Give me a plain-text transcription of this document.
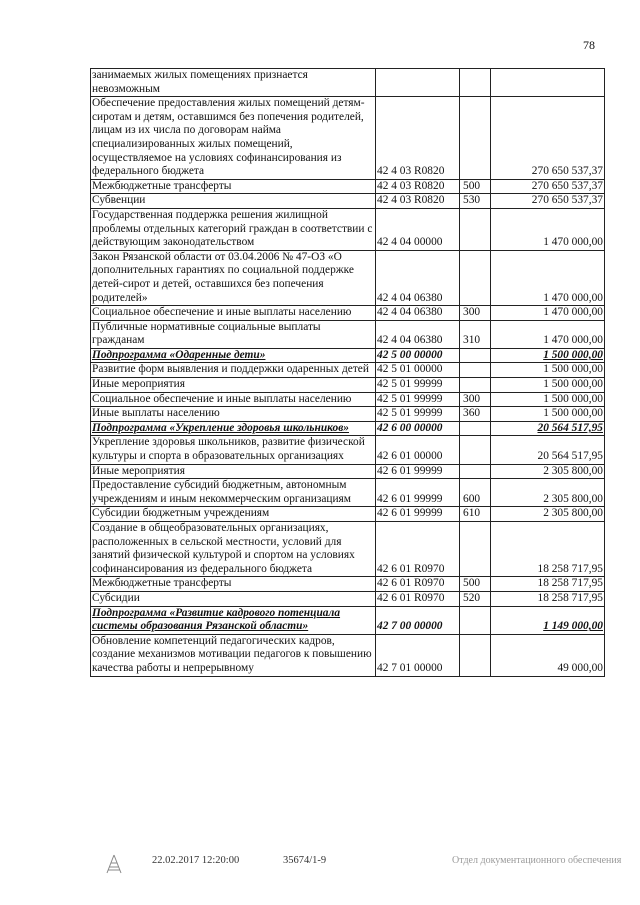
78
занимаемых жилых помещениях признается невозможным			
Обеспечение предоставления жилых помещений детям-сиротам и детям, оставшимся без попечения родителей, лицам из их числа по договорам найма специализированных жилых помещений, осуществляемое на условиях софинансирования из федерального бюджета	42 4 03 R0820		270 650 537,37
Межбюджетные трансферты	42 4 03 R0820	500	270 650 537,37
Субвенции	42 4 03 R0820	530	270 650 537,37
Государственная поддержка решения жилищной проблемы отдельных категорий граждан в соответствии с действующим законодательством	42 4 04 00000		1 470 000,00
Закон Рязанской области от 03.04.2006 № 47-ОЗ «О дополнительных гарантиях по социальной поддержке детей-сирот и детей, оставшихся без попечения родителей»	42 4 04 06380		1 470 000,00
Социальное обеспечение и иные выплаты населению	42 4 04 06380	300	1 470 000,00
Публичные нормативные социальные выплаты гражданам	42 4 04 06380	310	1 470 000,00
Подпрограмма «Одаренные дети»	42 5 00 00000		1 500 000,00
Развитие форм выявления и поддержки одаренных детей	42 5 01 00000		1 500 000,00
Иные мероприятия	42 5 01 99999		1 500 000,00
Социальное обеспечение и иные выплаты населению	42 5 01 99999	300	1 500 000,00
Иные выплаты населению	42 5 01 99999	360	1 500 000,00
Подпрограмма «Укрепление здоровья школьников»	42 6 00 00000		20 564 517,95
Укрепление здоровья школьников, развитие физической культуры и спорта в образовательных организациях	42 6 01 00000		20 564 517,95
Иные мероприятия	42 6 01 99999		2 305 800,00
Предоставление субсидий бюджетным, автономным учреждениям и иным некоммерческим организациям	42 6 01 99999	600	2 305 800,00
Субсидии бюджетным учреждениям	42 6 01 99999	610	2 305 800,00
Создание в общеобразовательных организациях, расположенных в сельской местности, условий для занятий физической культурой и спортом на условиях софинансирования из федерального бюджета	42 6 01 R0970		18 258 717,95
Межбюджетные трансферты	42 6 01 R0970	500	18 258 717,95
Субсидии	42 6 01 R0970	520	18 258 717,95
Подпрограмма «Развитие кадрового потенциала системы образования Рязанской области»	42 7 00 00000		1 149 000,00
Обновление компетенций педагогических кадров, создание механизмов мотивации педагогов к повышению качества работы и непрерывному	42 7 01 00000		49 000,00
22.02.2017 12:20:00	35674/1-9	Отдел документационного обеспечения
